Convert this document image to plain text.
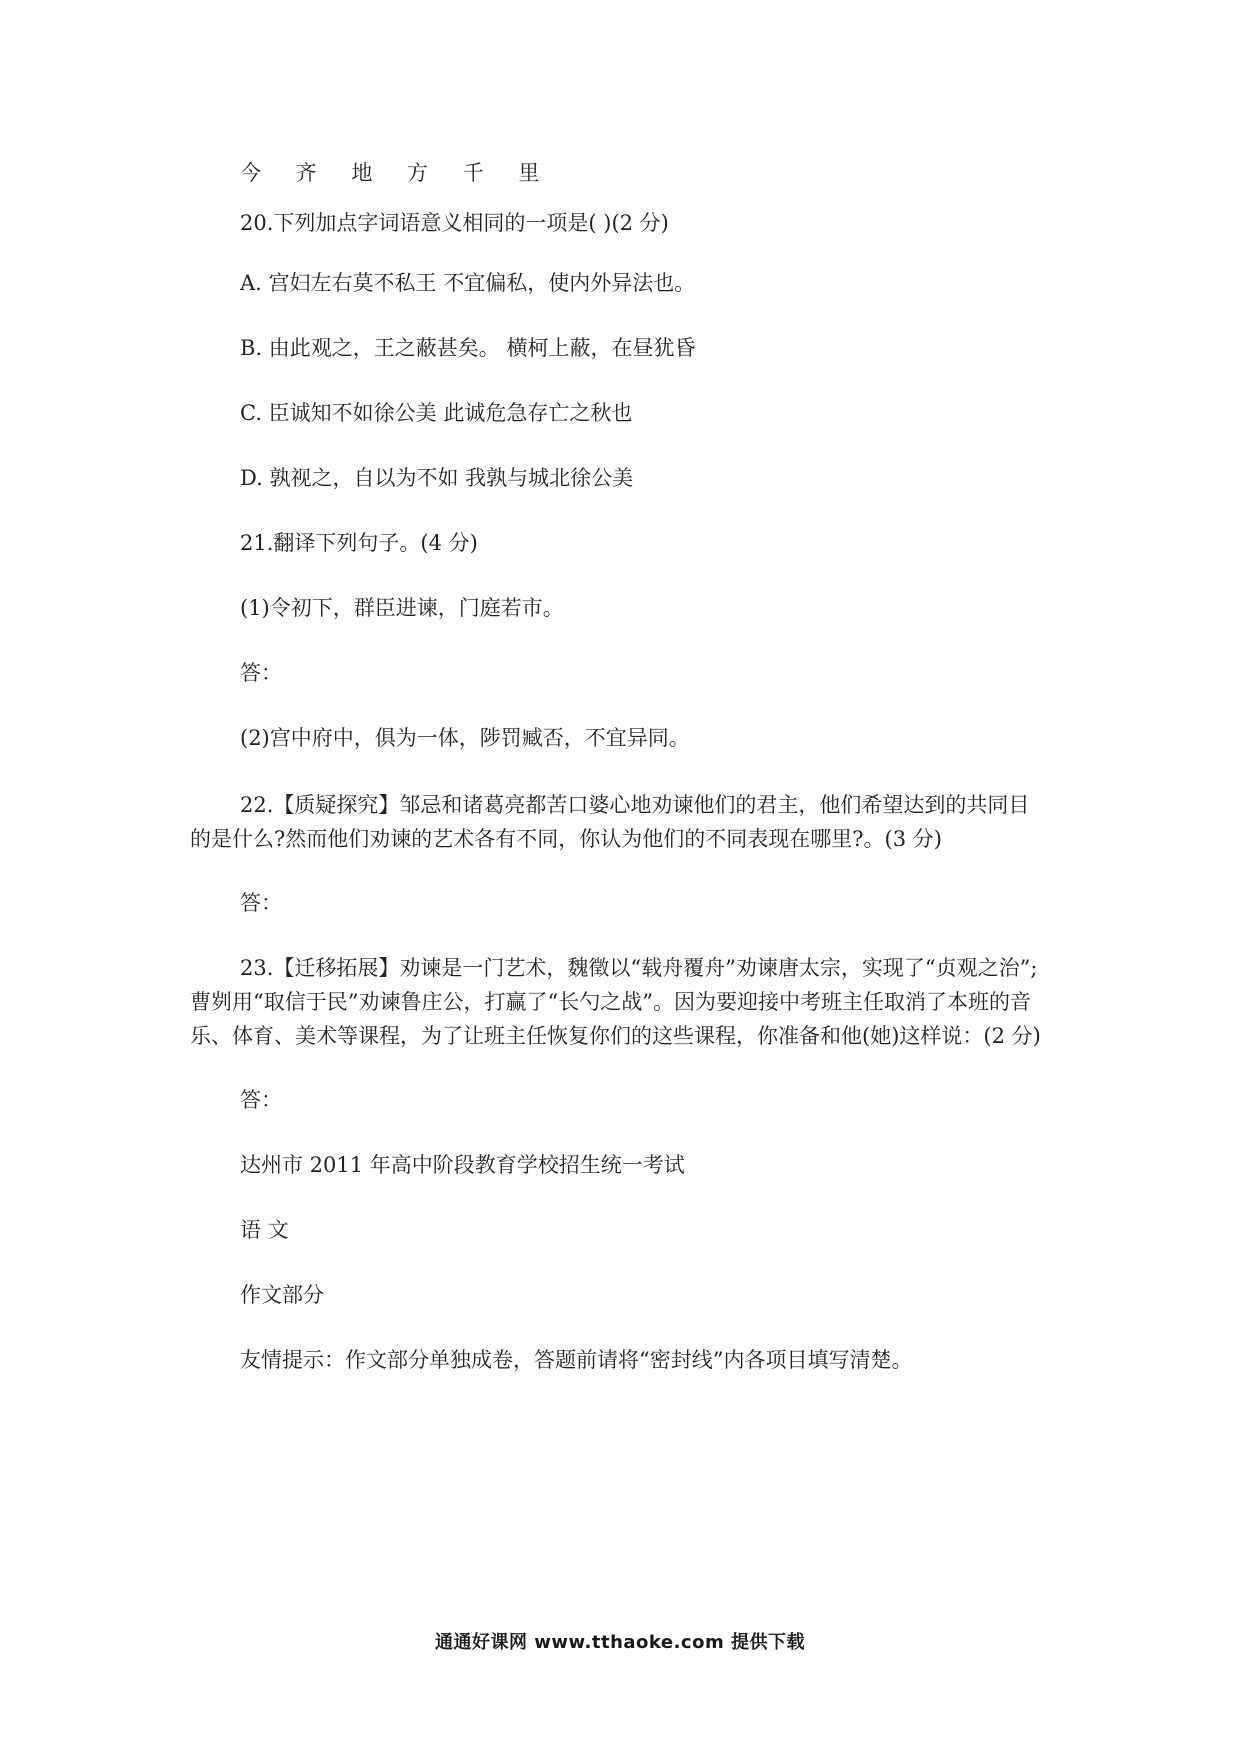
今 齐 地 方 千 里
20.下列加点字词语意义相同的一项是( )(2 分)
A. 宫妇左右莫不私王 不宜偏私，使内外异法也。
B. 由此观之，王之蔽甚矣。 横柯上蔽，在昼犹昏
C. 臣诚知不如徐公美 此诚危急存亡之秋也
D. 孰视之，自以为不如 我孰与城北徐公美
21.翻译下列句子。(4 分)
(1)令初下，群臣进谏，门庭若市。
答：
(2)宫中府中，俱为一体，陟罚臧否，不宜异同。
22.【质疑探究】邹忌和诸葛亮都苦口婆心地劝谏他们的君主，他们希望达到的共同目
的是什么?然而他们劝谏的艺术各有不同，你认为他们的不同表现在哪里?。(3 分)
答：
23.【迁移拓展】劝谏是一门艺术，魏徵以“载舟覆舟”劝谏唐太宗，实现了“贞观之治”;
曹刿用“取信于民”劝谏鲁庄公，打赢了“长勺之战”。因为要迎接中考班主任取消了本班的音
乐、体育、美术等课程，为了让班主任恢复你们的这些课程，你准备和他(她)这样说：(2 分)
答：
达州市 2011 年高中阶段教育学校招生统一考试
语 文
作文部分
友情提示：作文部分单独成卷，答题前请将“密封线”内各项目填写清楚。
通通好课网 www.tthaoke.com 提供下载
